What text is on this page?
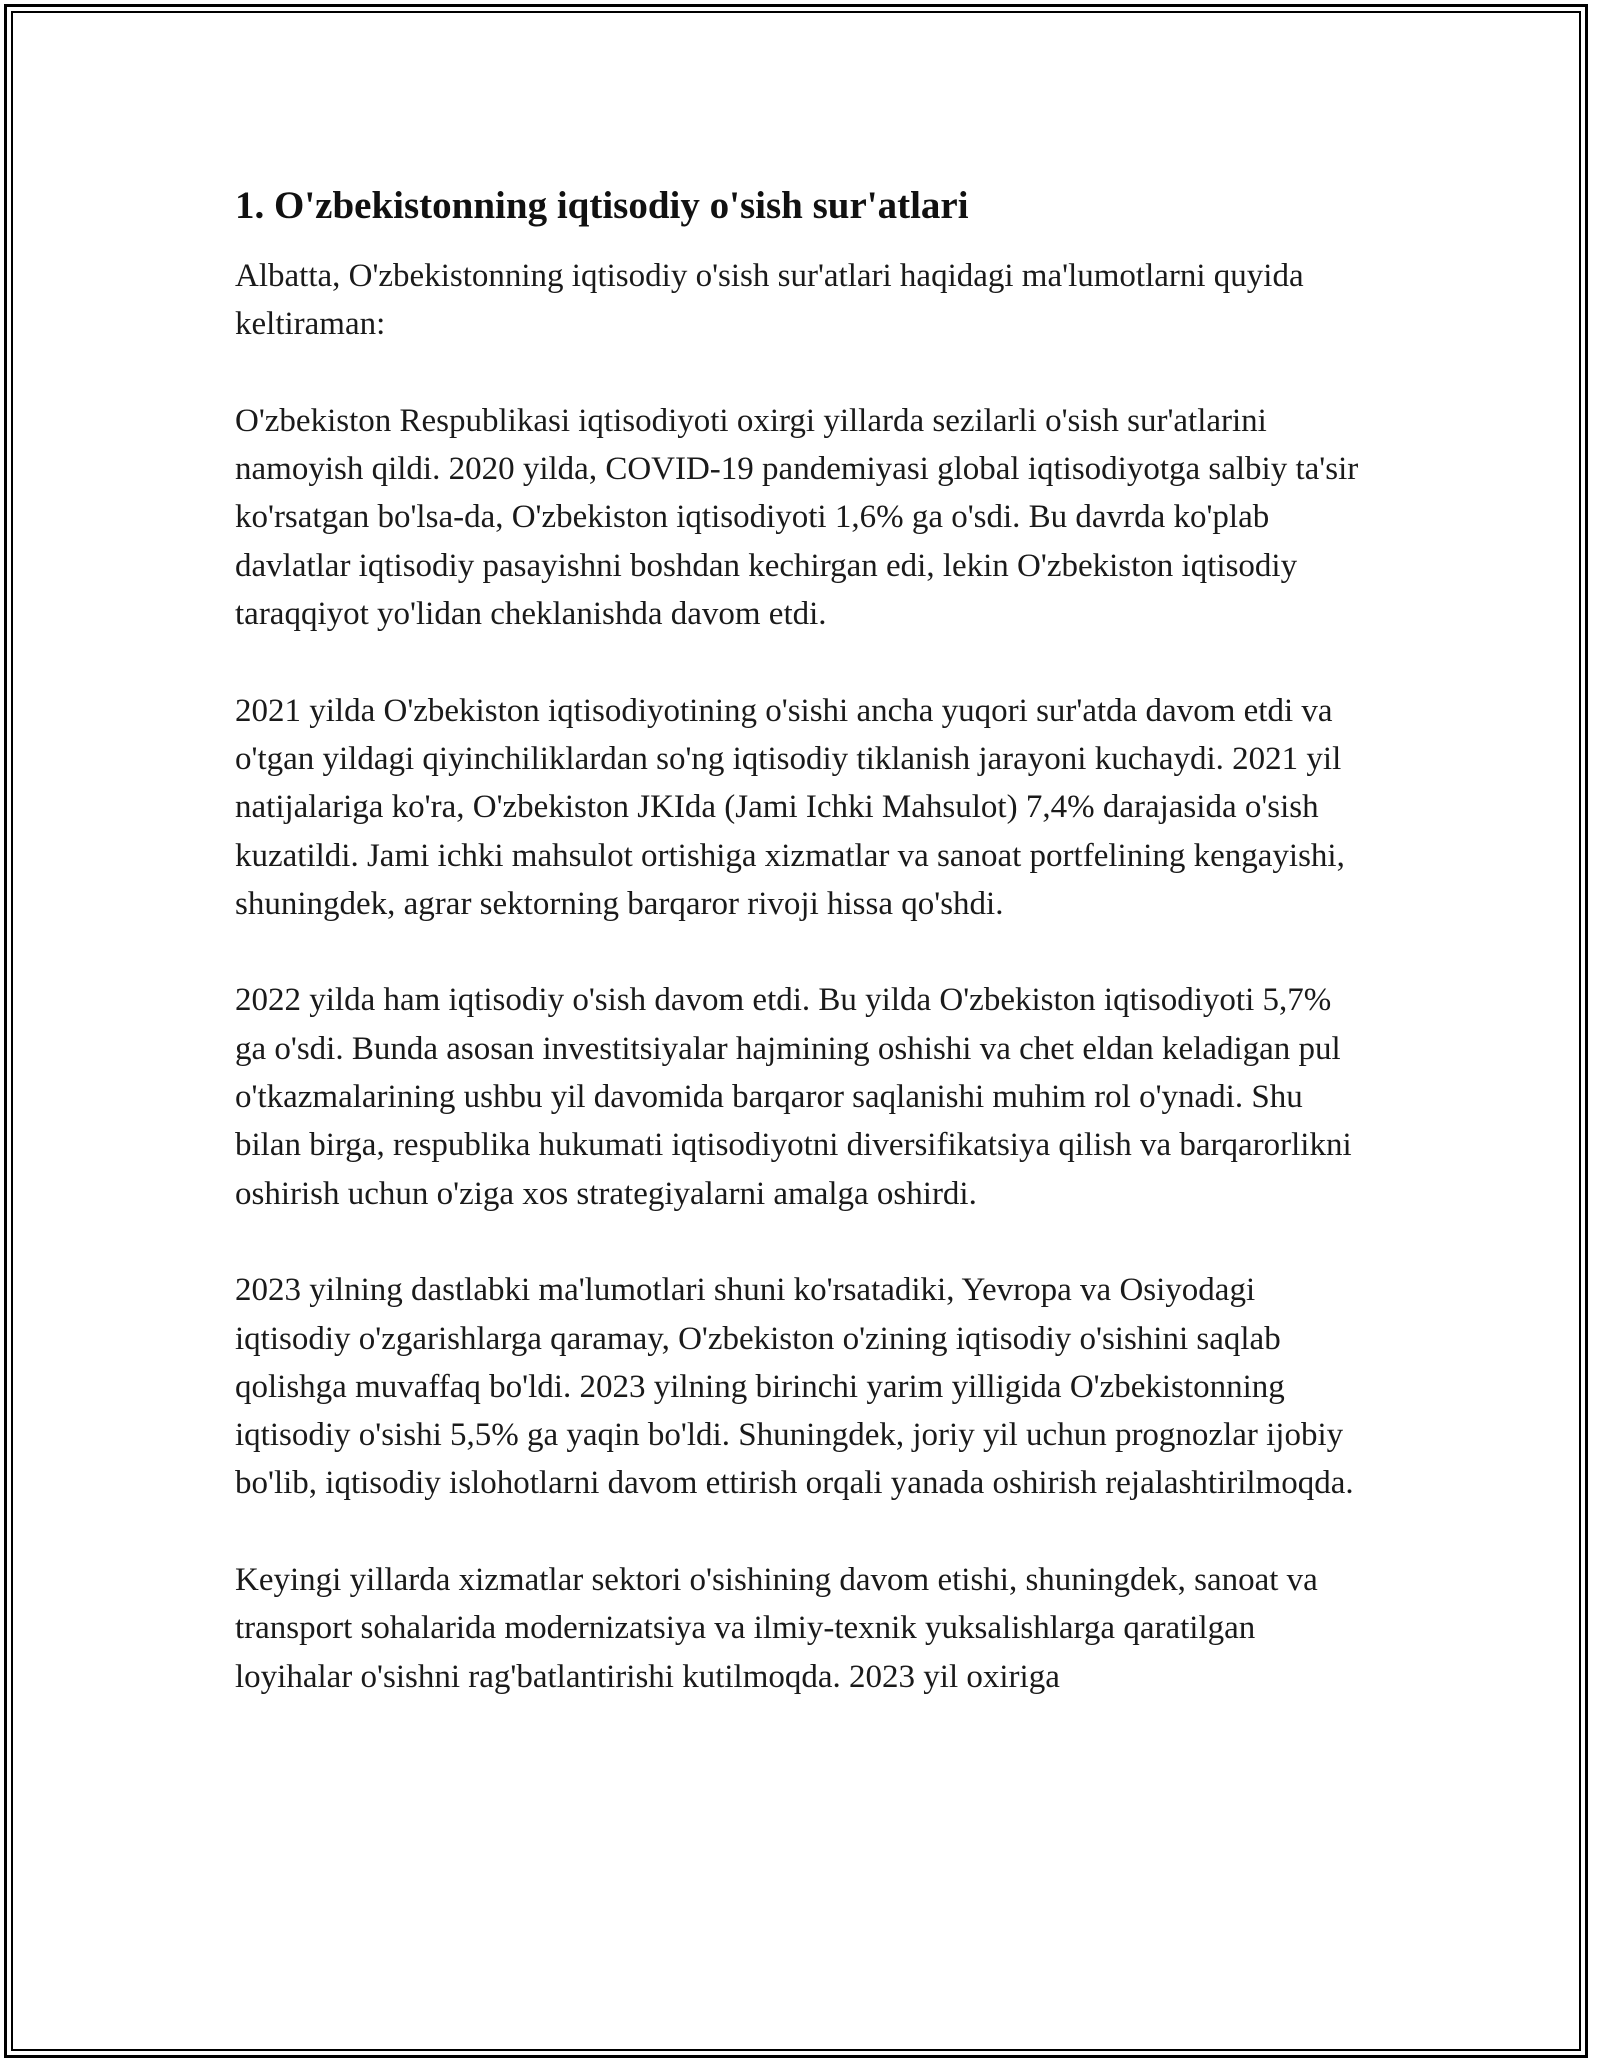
1. O'zbekistonning iqtisodiy o'sish sur'atlari

Albatta, O'zbekistonning iqtisodiy o'sish sur'atlari haqidagi ma'lumotlarni quyida keltiraman:

O'zbekiston Respublikasi iqtisodiyoti oxirgi yillarda sezilarli o'sish sur'atlarini namoyish qildi. 2020 yilda, COVID-19 pandemiyasi global iqtisodiyotga salbiy ta'sir ko'rsatgan bo'lsa-da, O'zbekiston iqtisodiyoti 1,6% ga o'sdi. Bu davrda ko'plab davlatlar iqtisodiy pasayishni boshdan kechirgan edi, lekin O'zbekiston iqtisodiy taraqqiyot yo'lidan cheklanishda davom etdi.

2021 yilda O'zbekiston iqtisodiyotining o'sishi ancha yuqori sur'atda davom etdi va o'tgan yildagi qiyinchiliklardan so'ng iqtisodiy tiklanish jarayoni kuchaydi. 2021 yil natijalariga ko'ra, O'zbekiston JKIda (Jami Ichki Mahsulot) 7,4% darajasida o'sish kuzatildi. Jami ichki mahsulot ortishiga xizmatlar va sanoat portfelining kengayishi, shuningdek, agrar sektorning barqaror rivoji hissa qo'shdi.

2022 yilda ham iqtisodiy o'sish davom etdi. Bu yilda O'zbekiston iqtisodiyoti 5,7% ga o'sdi. Bunda asosan investitsiyalar hajmining oshishi va chet eldan keladigan pul o'tkazmalarining ushbu yil davomida barqaror saqlanishi muhim rol o'ynadi. Shu bilan birga, respublika hukumati iqtisodiyotni diversifikatsiya qilish va barqarorlikni oshirish uchun o'ziga xos strategiyalarni amalga oshirdi.

2023 yilning dastlabki ma'lumotlari shuni ko'rsatadiki, Yevropa va Osiyodagi iqtisodiy o'zgarishlarga qaramay, O'zbekiston o'zining iqtisodiy o'sishini saqlab qolishga muvaffaq bo'ldi. 2023 yilning birinchi yarim yilligida O'zbekistonning iqtisodiy o'sishi 5,5% ga yaqin bo'ldi. Shuningdek, joriy yil uchun prognozlar ijobiy bo'lib, iqtisodiy islohotlarni davom ettirish orqali yanada oshirish rejalashtirilmoqda.

Keyingi yillarda xizmatlar sektori o'sishining davom etishi, shuningdek, sanoat va transport sohalarida modernizatsiya va ilmiy-texnik yuksalishlarga qaratilgan loyihalar o'sishni rag'batlantirishi kutilmoqda. 2023 yil oxiriga
